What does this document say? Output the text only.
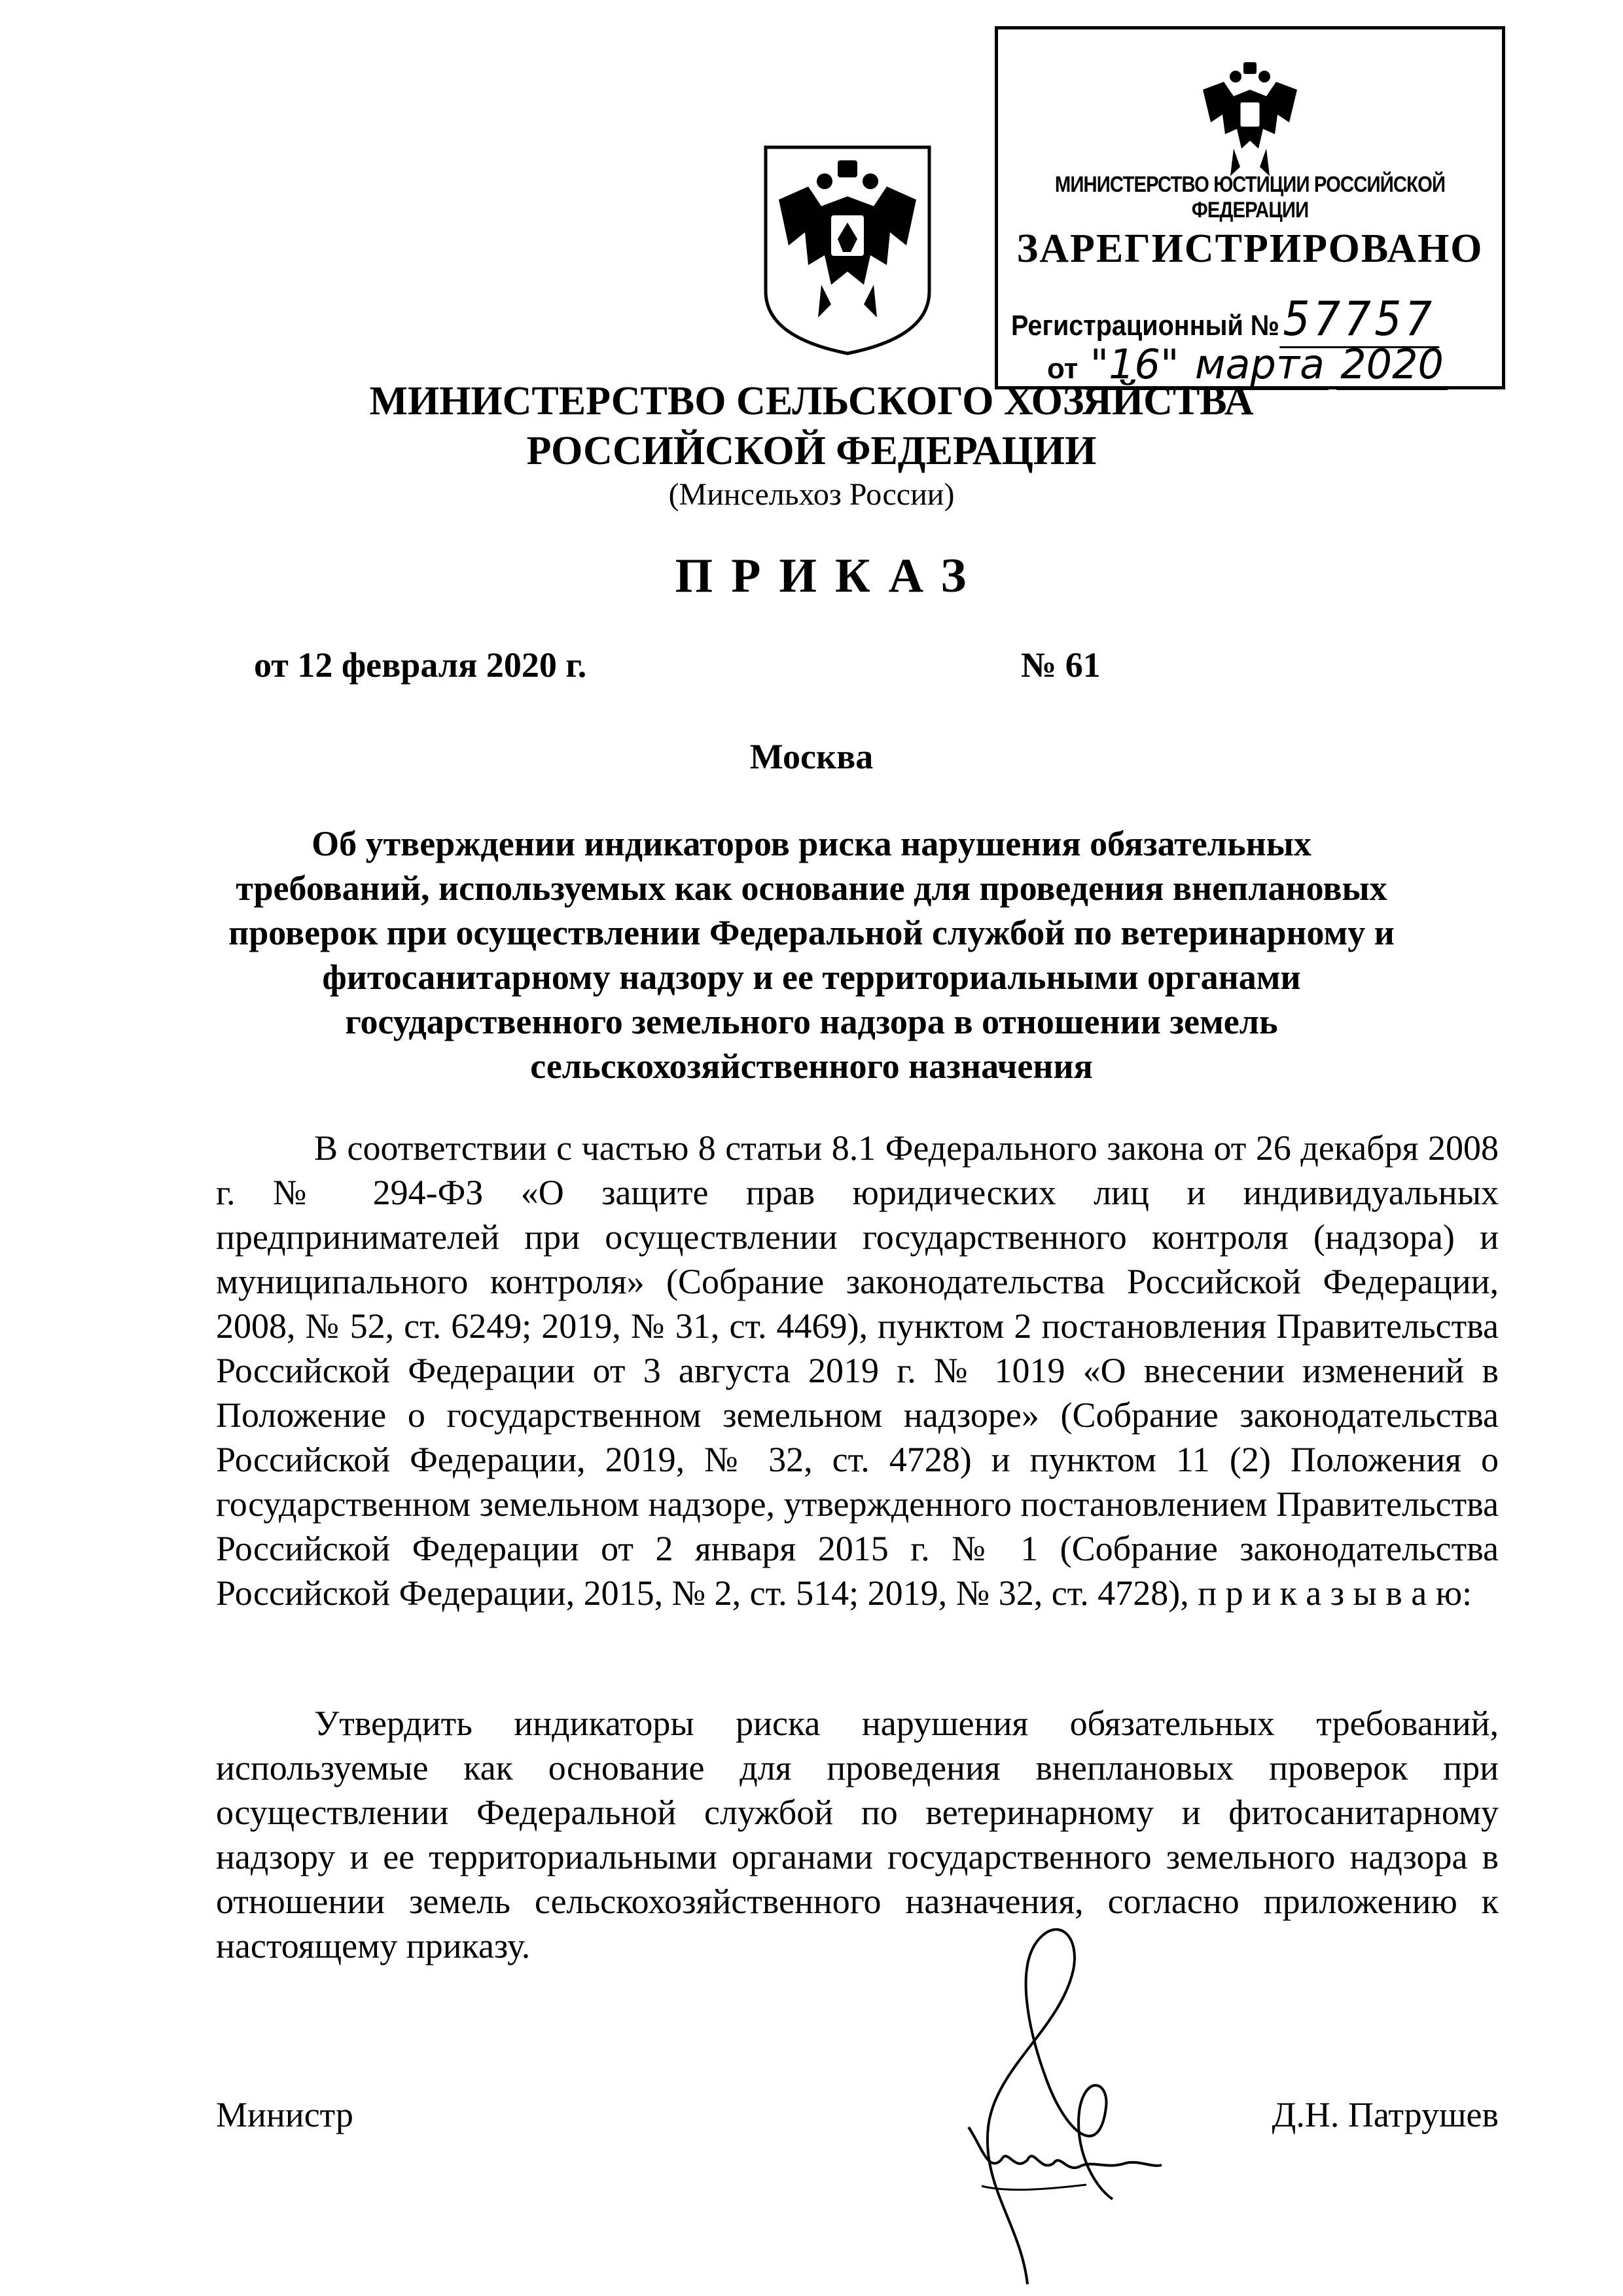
МИНИСТЕРСТВО ЮСТИЦИИ РОССИЙСКОЙ ФЕДЕРАЦИИ
ЗАРЕГИСТРИРОВАНО
Регистрационный №57757
от "16" марта 2020
МИНИСТЕРСТВО СЕЛЬСКОГО ХОЗЯЙСТВА
РОССИЙСКОЙ ФЕДЕРАЦИИ
(Минсельхоз России)
ПРИКАЗ
от 12 февраля 2020 г.	№ 61
Москва
Об утверждении индикаторов риска нарушения обязательных
требований, используемых как основание для проведения внеплановых
проверок при осуществлении Федеральной службой по ветеринарному и
фитосанитарному надзору и ее территориальными органами
государственного земельного надзора в отношении земель
сельскохозяйственного назначения

В соответствии с частью 8 статьи 8.1 Федерального закона от 26 декабря 2008 г. № 294-ФЗ «О защите прав юридических лиц и индивидуальных предпринимателей при осуществлении государственного контроля (надзора) и муниципального контроля» (Собрание законодательства Российской Федерации, 2008, № 52, ст. 6249; 2019, № 31, ст. 4469), пунктом 2 постановления Правительства Российской Федерации от 3 августа 2019 г. № 1019 «О внесении изменений в Положение о государственном земельном надзоре» (Собрание законодательства Российской Федерации, 2019, № 32, ст. 4728) и пунктом 11 (2) Положения о государственном земельном надзоре, утвержденного постановлением Правительства Российской Федерации от 2 января 2015 г. № 1 (Собрание законодательства Российской Федерации, 2015, № 2, ст. 514; 2019, № 32, ст. 4728), п р и к а з ы в а ю:

Утвердить индикаторы риска нарушения обязательных требований, используемые как основание для проведения внеплановых проверок при осуществлении Федеральной службой по ветеринарному и фитосанитарному надзору и ее территориальными органами государственного земельного надзора в отношении земель сельскохозяйственного назначения, согласно приложению к настоящему приказу.

Министр	Д.Н. Патрушев
